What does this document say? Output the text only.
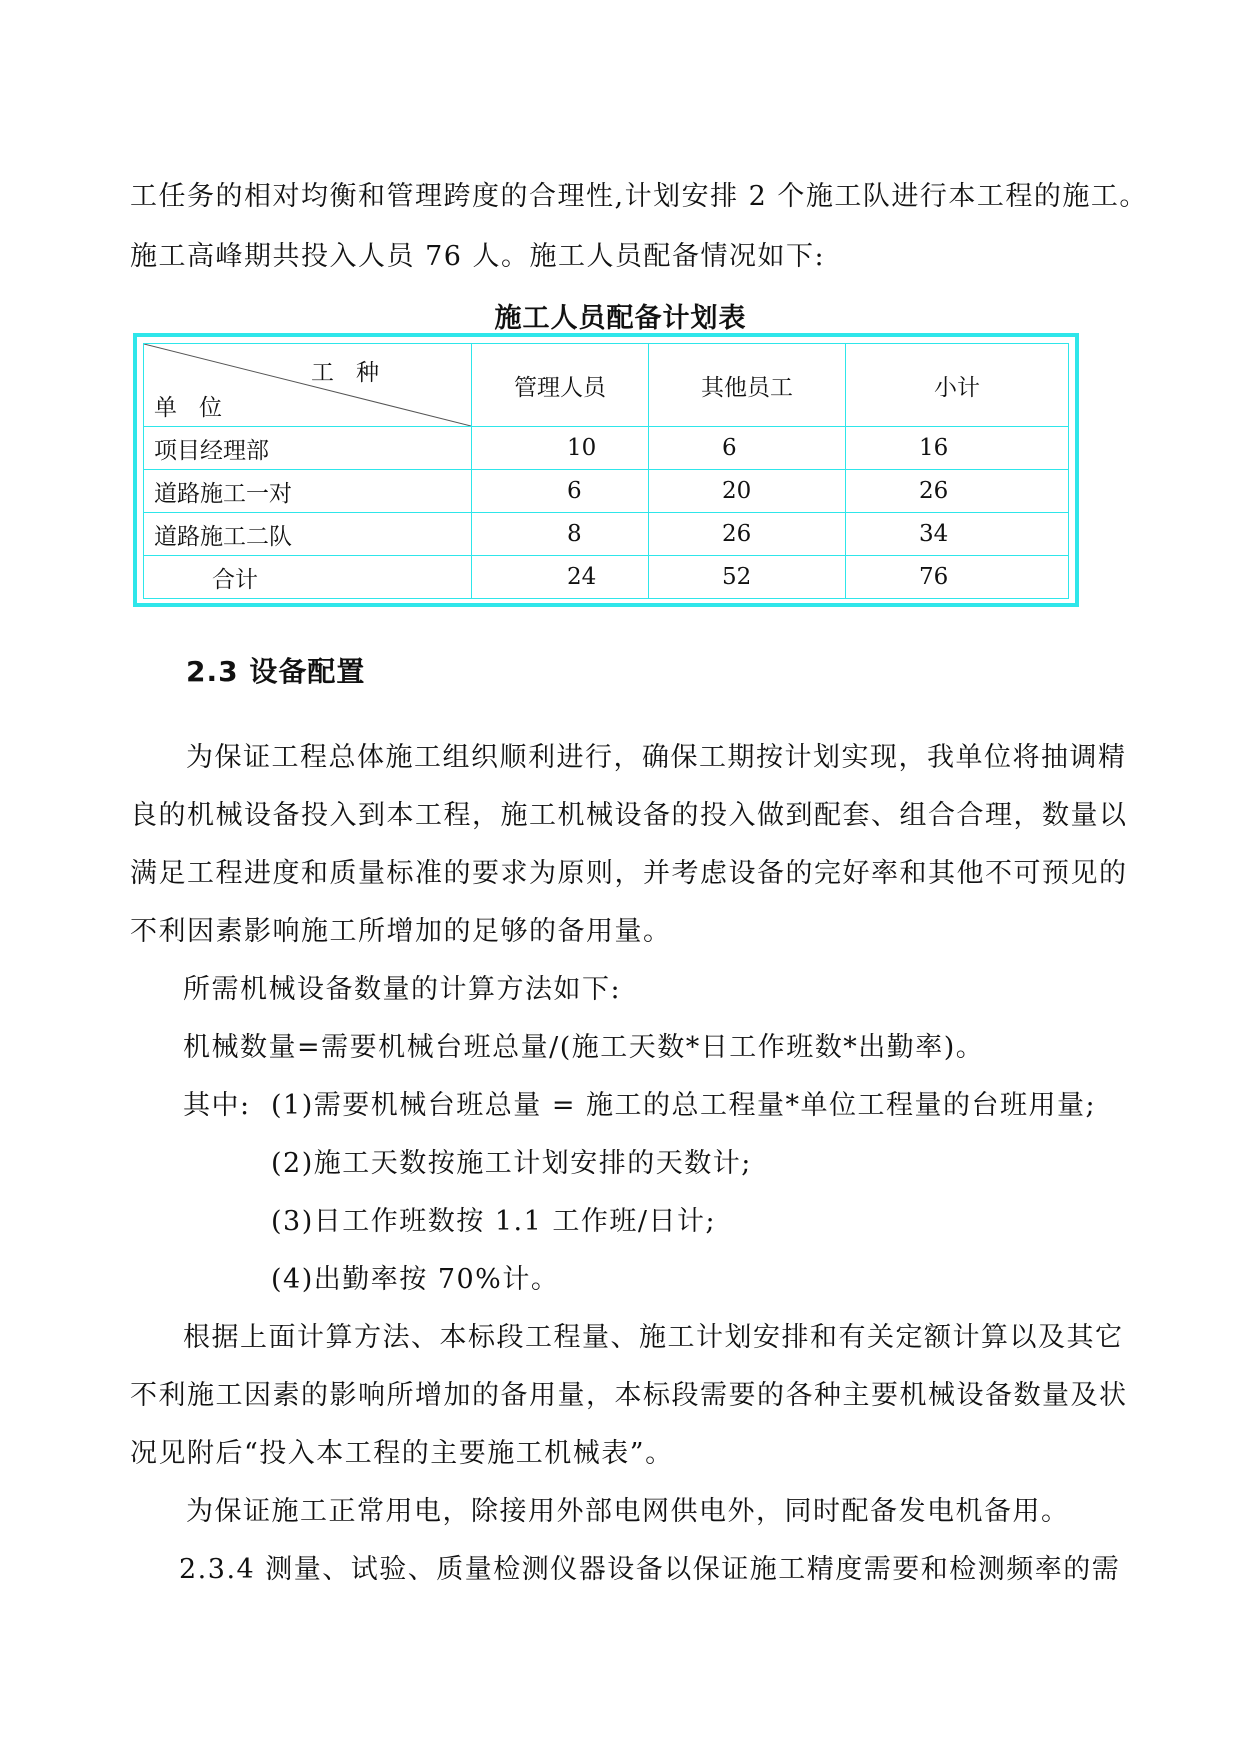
工任务的相对均衡和管理跨度的合理性,计划安排 2 个施工队进行本工程的施工。
施工高峰期共投入人员 76 人。施工人员配备情况如下:
施工人员配备计划表
工种
单位	管理人员	其他员工	小计
项目经理部	10	6	16
道路施工一对	6	20	26
道路施工二队	8	26	34
合计	24	52	76
2.3 设备配置
为保证工程总体施工组织顺利进行，确保工期按计划实现，我单位将抽调精
良的机械设备投入到本工程，施工机械设备的投入做到配套、组合合理，数量以
满足工程进度和质量标准的要求为原则，并考虑设备的完好率和其他不可预见的
不利因素影响施工所增加的足够的备用量。
所需机械设备数量的计算方法如下:
机械数量=需要机械台班总量/(施工天数*日工作班数*出勤率)。
其中: (1)需要机械台班总量 = 施工的总工程量*单位工程量的台班用量;
(2)施工天数按施工计划安排的天数计;
(3)日工作班数按 1.1 工作班/日计;
(4)出勤率按 70%计。
根据上面计算方法、本标段工程量、施工计划安排和有关定额计算以及其它
不利施工因素的影响所增加的备用量，本标段需要的各种主要机械设备数量及状
况见附后“投入本工程的主要施工机械表”。
为保证施工正常用电，除接用外部电网供电外，同时配备发电机备用。
2.3.4 测量、试验、质量检测仪器设备以保证施工精度需要和检测频率的需
